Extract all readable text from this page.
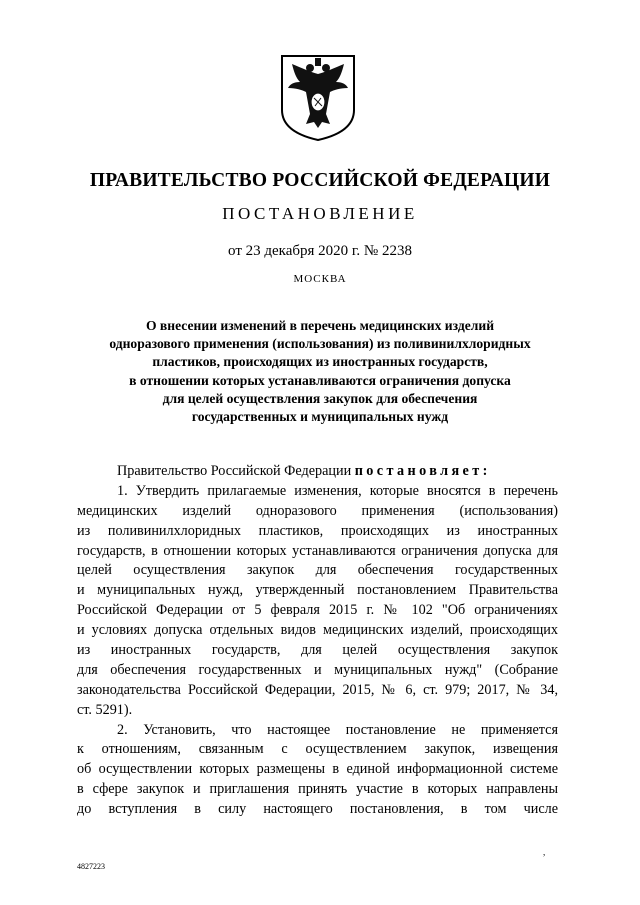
ПРАВИТЕЛЬСТВО РОССИЙСКОЙ ФЕДЕРАЦИИ
ПОСТАНОВЛЕНИЕ
от 23 декабря 2020 г. № 2238
МОСКВА
О внесении изменений в перечень медицинских изделий
одноразового применения (использования) из поливинилхлоридных
пластиков, происходящих из иностранных государств,
в отношении которых устанавливаются ограничения допуска
для целей осуществления закупок для обеспечения
государственных и муниципальных нужд
Правительство Российской Федерации постановляет:
1. Утвердить прилагаемые изменения, которые вносятся в перечень
медицинских изделий одноразового применения (использования)
из поливинилхлоридных пластиков, происходящих из иностранных
государств, в отношении которых устанавливаются ограничения допуска для
целей осуществления закупок для обеспечения государственных
и муниципальных нужд, утвержденный постановлением Правительства
Российской Федерации от 5 февраля 2015 г. № 102 "Об ограничениях
и условиях допуска отдельных видов медицинских изделий, происходящих
из иностранных государств, для целей осуществления закупок
для обеспечения государственных и муниципальных нужд" (Собрание
законодательства Российской Федерации, 2015, № 6, ст. 979; 2017, № 34,
ст. 5291).
2. Установить, что настоящее постановление не применяется
к отношениям, связанным с осуществлением закупок, извещения
об осуществлении которых размещены в единой информационной системе
в сфере закупок и приглашения принять участие в которых направлены
до вступления в силу настоящего постановления, в том числе
,
4827223
